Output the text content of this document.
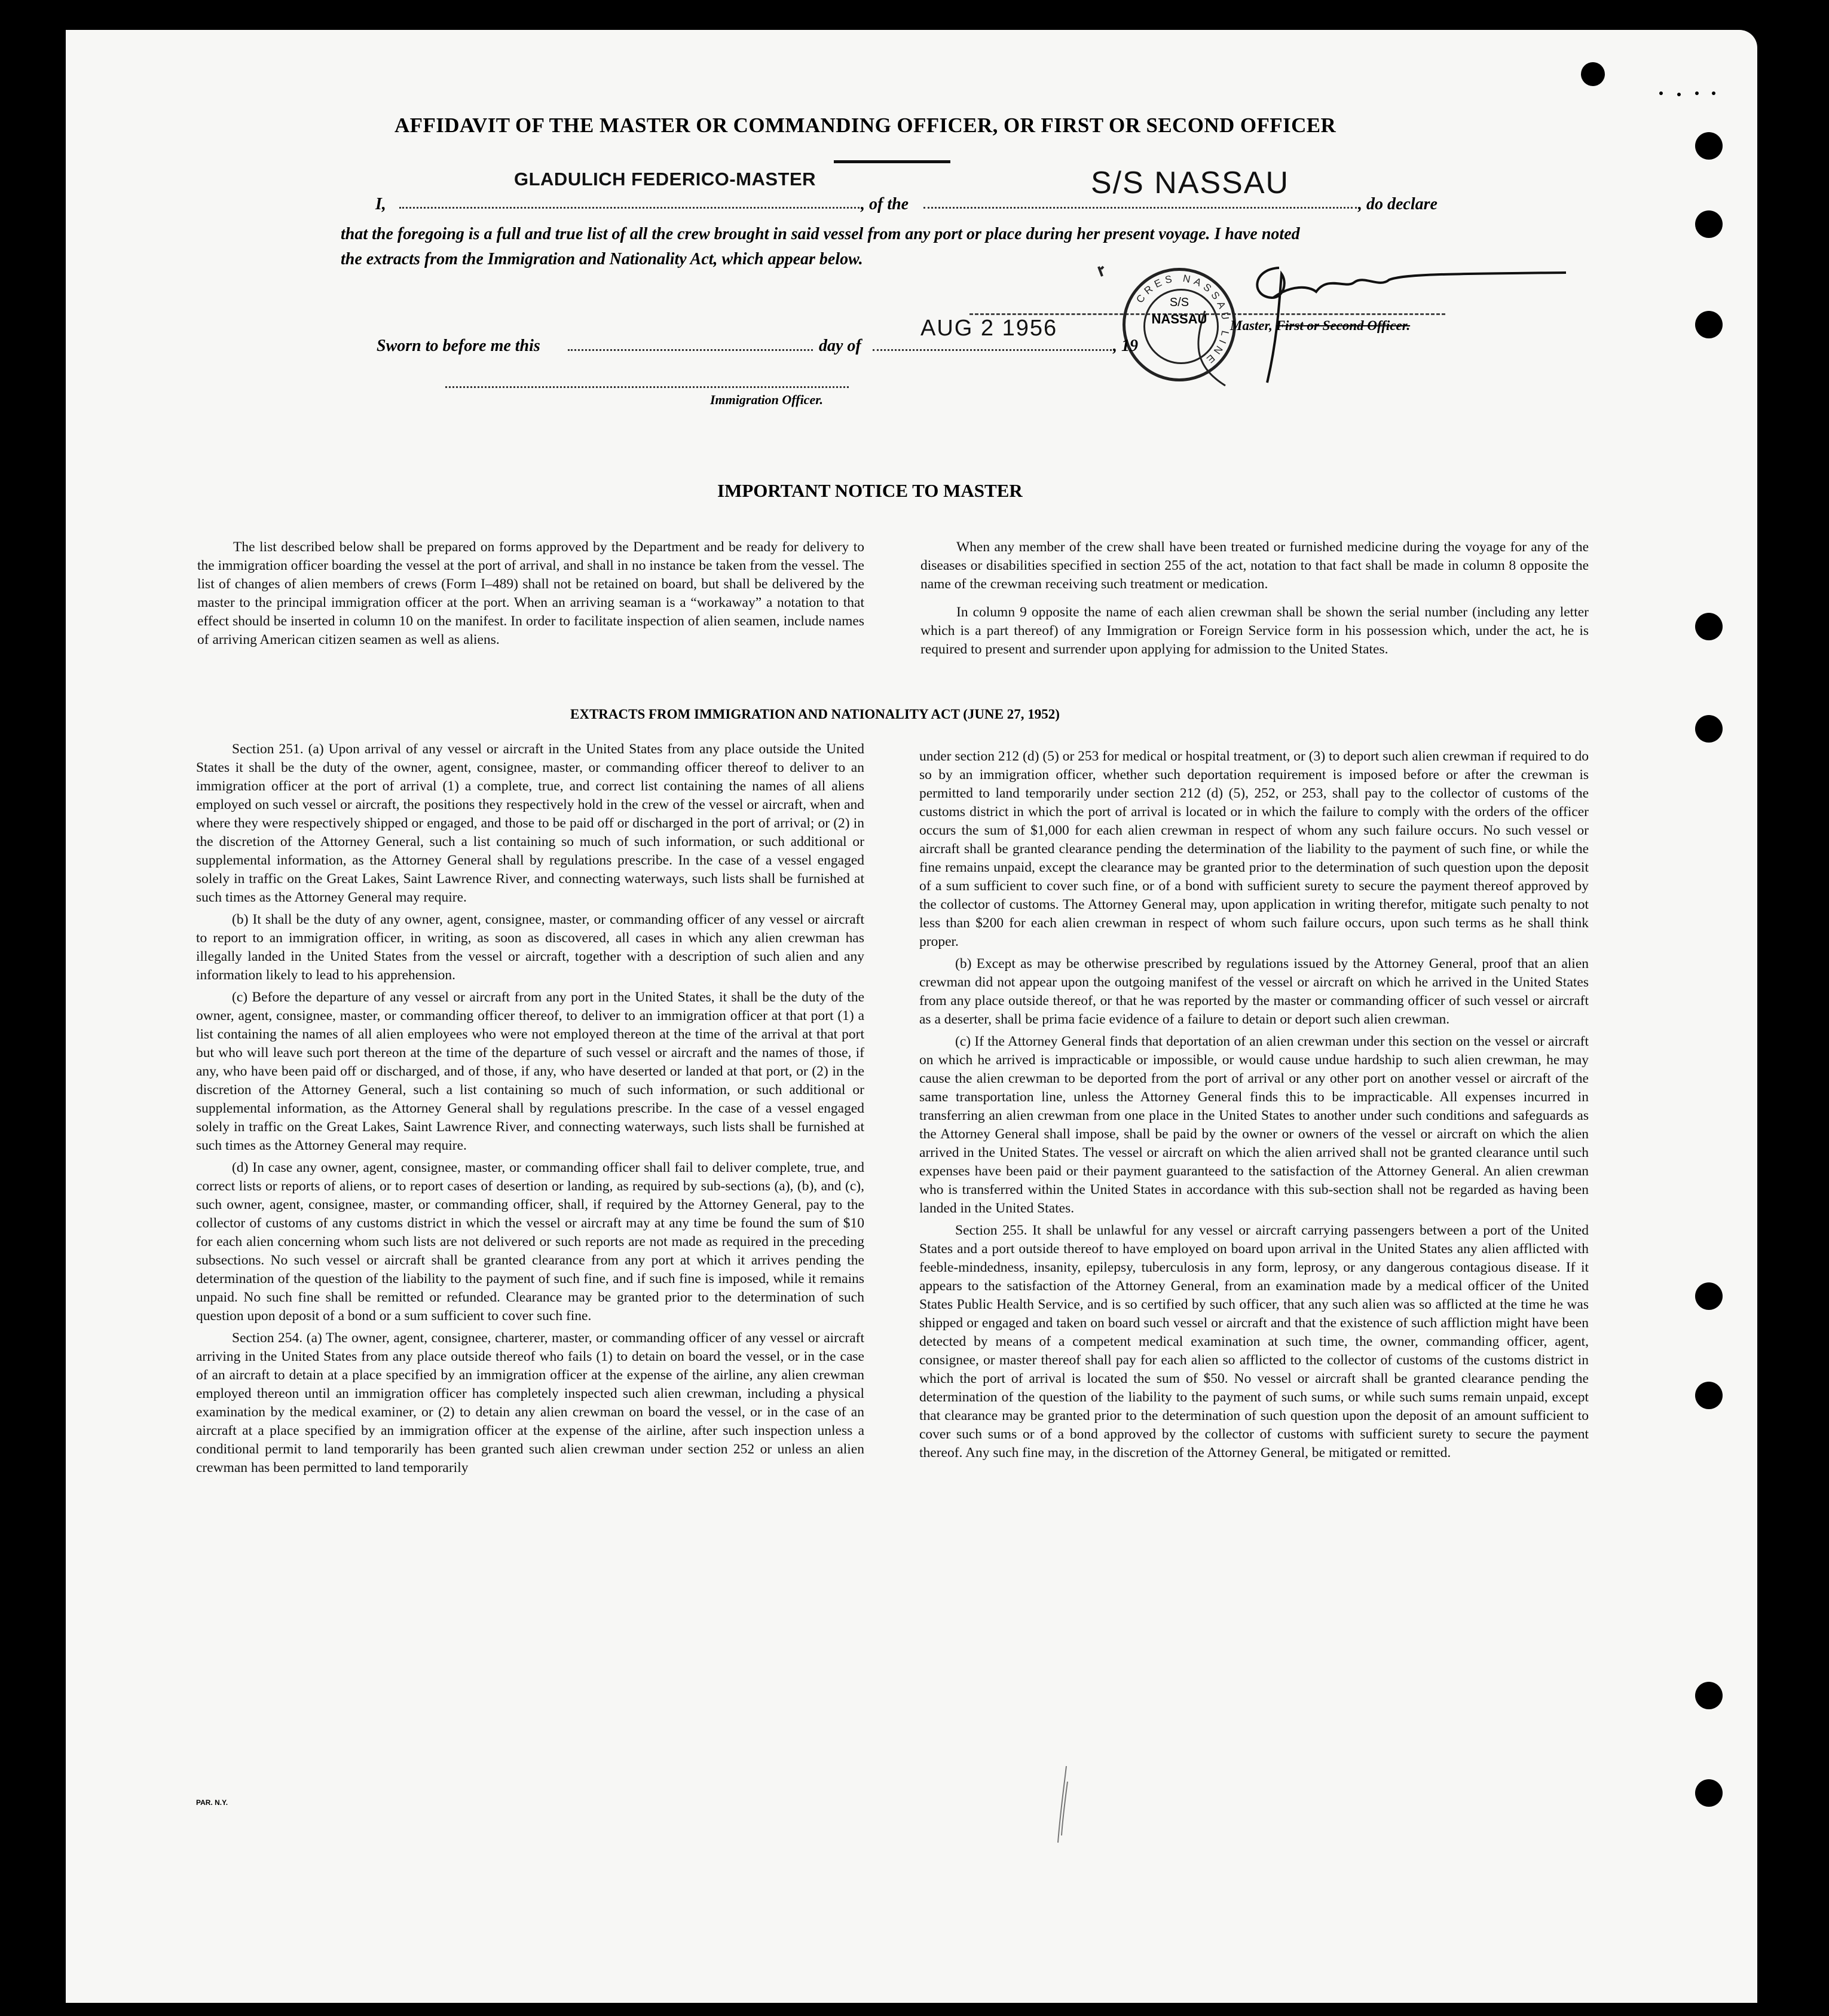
AFFIDAVIT OF THE MASTER OR COMMANDING OFFICER, OR FIRST OR SECOND OFFICER
I,
GLADULICH FEDERICO-MASTER
, of the
S/S NASSAU
, do declare
that the foregoing is a full and true list of all the crew brought in said vessel from any port or place during her present voyage. I have noted
the extracts from the Immigration and Nationality Act, which appear below.
CRES NASSAU LINE
S/S
NASSAU
Sworn to before me this	day of
AUG 2 1956
, 19
Master, First or Second Officer.
Immigration Officer.
IMPORTANT NOTICE TO MASTER

The list described below shall be prepared on forms approved by the Department and be ready for delivery to the immigration officer boarding the vessel at the port of arrival, and shall in no instance be taken from the vessel. The list of changes of alien members of crews (Form I–489) shall not be retained on board, but shall be delivered by the master to the principal immigration officer at the port. When an arriving seaman is a “workaway” a notation to that effect should be inserted in column 10 on the manifest. In order to facilitate inspection of alien seamen, include names of arriving American citizen seamen as well as aliens.

When any member of the crew shall have been treated or furnished medicine during the voyage for any of the diseases or disabilities specified in section 255 of the act, notation to that fact shall be made in column 8 opposite the name of the crewman receiving such treatment or medication.

In column 9 opposite the name of each alien crewman shall be shown the serial number (including any letter which is a part thereof) of any Immigration or Foreign Service form in his possession which, under the act, he is required to present and surrender upon applying for admission to the United States.

EXTRACTS FROM IMMIGRATION AND NATIONALITY ACT (JUNE 27, 1952)

Section 251. (a) Upon arrival of any vessel or aircraft in the United States from any place outside the United States it shall be the duty of the owner, agent, consignee, master, or commanding officer thereof to deliver to an immigration officer at the port of arrival (1) a complete, true, and correct list containing the names of all aliens employed on such vessel or aircraft, the positions they respectively hold in the crew of the vessel or aircraft, when and where they were respectively shipped or engaged, and those to be paid off or discharged in the port of arrival; or (2) in the discretion of the Attorney General, such a list containing so much of such information, or such additional or supplemental information, as the Attorney General shall by regulations prescribe. In the case of a vessel engaged solely in traffic on the Great Lakes, Saint Lawrence River, and connecting waterways, such lists shall be furnished at such times as the Attorney General may require.

(b) It shall be the duty of any owner, agent, consignee, master, or commanding officer of any vessel or aircraft to report to an immigration officer, in writing, as soon as discovered, all cases in which any alien crewman has illegally landed in the United States from the vessel or aircraft, together with a description of such alien and any information likely to lead to his apprehension.

(c) Before the departure of any vessel or aircraft from any port in the United States, it shall be the duty of the owner, agent, consignee, master, or commanding officer thereof, to deliver to an immigration officer at that port (1) a list containing the names of all alien employees who were not employed thereon at the time of the arrival at that port but who will leave such port thereon at the time of the departure of such vessel or aircraft and the names of those, if any, who have been paid off or discharged, and of those, if any, who have deserted or landed at that port, or (2) in the discretion of the Attorney General, such a list containing so much of such information, or such additional or supplemental information, as the Attorney General shall by regulations prescribe. In the case of a vessel engaged solely in traffic on the Great Lakes, Saint Lawrence River, and connecting waterways, such lists shall be furnished at such times as the Attorney General may require.

(d) In case any owner, agent, consignee, master, or commanding officer shall fail to deliver complete, true, and correct lists or reports of aliens, or to report cases of desertion or landing, as required by sub-sections (a), (b), and (c), such owner, agent, consignee, master, or commanding officer, shall, if required by the Attorney General, pay to the collector of customs of any customs district in which the vessel or aircraft may at any time be found the sum of $10 for each alien concerning whom such lists are not delivered or such reports are not made as required in the preceding subsections. No such vessel or aircraft shall be granted clearance from any port at which it arrives pending the determination of the question of the liability to the payment of such fine, and if such fine is imposed, while it remains unpaid. No such fine shall be remitted or refunded. Clearance may be granted prior to the determination of such question upon deposit of a bond or a sum sufficient to cover such fine.

Section 254. (a) The owner, agent, consignee, charterer, master, or commanding officer of any vessel or aircraft arriving in the United States from any place outside thereof who fails (1) to detain on board the vessel, or in the case of an aircraft to detain at a place specified by an immigration officer at the expense of the airline, any alien crewman employed thereon until an immigration officer has completely inspected such alien crewman, including a physical examination by the medical examiner, or (2) to detain any alien crewman on board the vessel, or in the case of an aircraft at a place specified by an immigration officer at the expense of the airline, after such inspection unless a conditional permit to land temporarily has been granted such alien crewman under section 252 or unless an alien crewman has been permitted to land temporarily

under section 212 (d) (5) or 253 for medical or hospital treatment, or (3) to deport such alien crewman if required to do so by an immigration officer, whether such deportation requirement is imposed before or after the crewman is permitted to land temporarily under section 212 (d) (5), 252, or 253, shall pay to the collector of customs of the customs district in which the port of arrival is located or in which the failure to comply with the orders of the officer occurs the sum of $1,000 for each alien crewman in respect of whom any such failure occurs. No such vessel or aircraft shall be granted clearance pending the determination of the liability to the payment of such fine, or while the fine remains unpaid, except the clearance may be granted prior to the determination of such question upon the deposit of a sum sufficient to cover such fine, or of a bond with sufficient surety to secure the payment thereof approved by the collector of customs. The Attorney General may, upon application in writing therefor, mitigate such penalty to not less than $200 for each alien crewman in respect of whom such failure occurs, upon such terms as he shall think proper.

(b) Except as may be otherwise prescribed by regulations issued by the Attorney General, proof that an alien crewman did not appear upon the outgoing manifest of the vessel or aircraft on which he arrived in the United States from any place outside thereof, or that he was reported by the master or commanding officer of such vessel or aircraft as a deserter, shall be prima facie evidence of a failure to detain or deport such alien crewman.

(c) If the Attorney General finds that deportation of an alien crewman under this section on the vessel or aircraft on which he arrived is impracticable or impossible, or would cause undue hardship to such alien crewman, he may cause the alien crewman to be deported from the port of arrival or any other port on another vessel or aircraft of the same transportation line, unless the Attorney General finds this to be impracticable. All expenses incurred in transferring an alien crewman from one place in the United States to another under such conditions and safeguards as the Attorney General shall impose, shall be paid by the owner or owners of the vessel or aircraft on which the alien arrived in the United States. The vessel or aircraft on which the alien arrived shall not be granted clearance until such expenses have been paid or their payment guaranteed to the satisfaction of the Attorney General. An alien crewman who is transferred within the United States in accordance with this sub-section shall not be regarded as having been landed in the United States.

Section 255. It shall be unlawful for any vessel or aircraft carrying passengers between a port of the United States and a port outside thereof to have employed on board upon arrival in the United States any alien afflicted with feeble-mindedness, insanity, epilepsy, tuberculosis in any form, leprosy, or any dangerous contagious disease. If it appears to the satisfaction of the Attorney General, from an examination made by a medical officer of the United States Public Health Service, and is so certified by such officer, that any such alien was so afflicted at the time he was shipped or engaged and taken on board such vessel or aircraft and that the existence of such affliction might have been detected by means of a competent medical examination at such time, the owner, commanding officer, agent, consignee, or master thereof shall pay for each alien so afflicted to the collector of customs of the customs district in which the port of arrival is located the sum of $50. No vessel or aircraft shall be granted clearance pending the determination of the question of the liability to the payment of such sums, or while such sums remain unpaid, except that clearance may be granted prior to the determination of such question upon the deposit of an amount sufficient to cover such sums or of a bond approved by the collector of customs with sufficient surety to secure the payment thereof. Any such fine may, in the discretion of the Attorney General, be mitigated or remitted.

PAR. N.Y.
